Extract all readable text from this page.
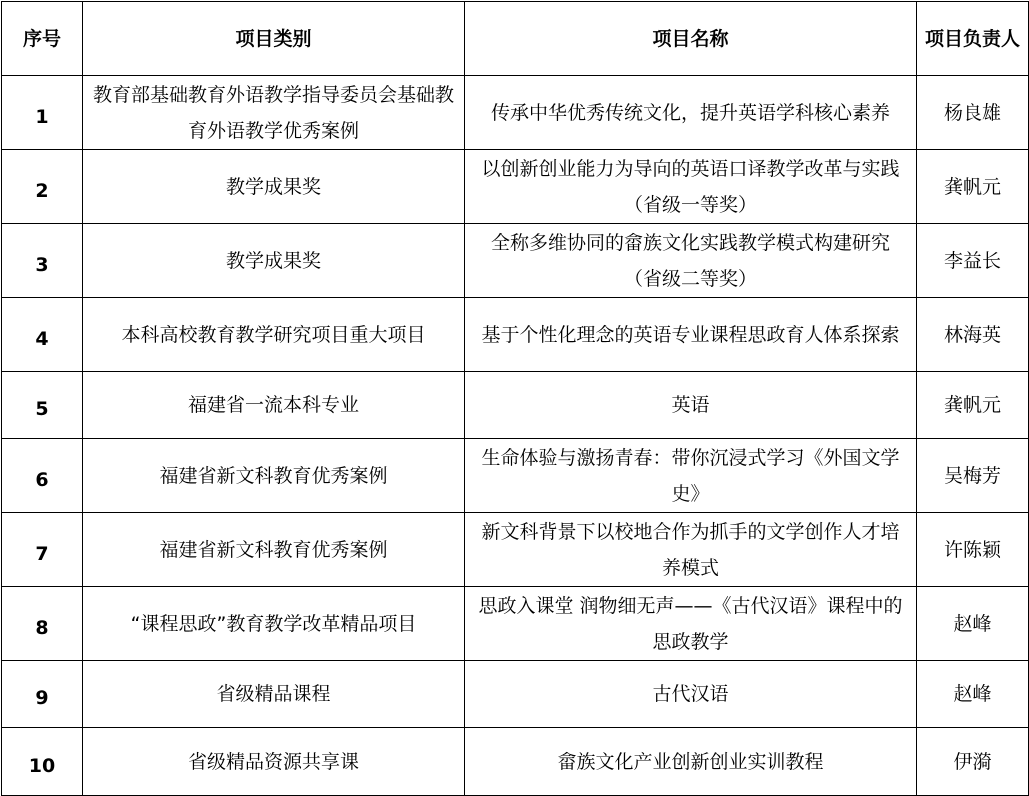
序号	项目类别	项目名称	项目负责人
1	教育部基础教育外语教学指导委员会基础教育外语教学优秀案例	传承中华优秀传统文化，提升英语学科核心素养	杨良雄
2	教学成果奖	以创新创业能力为导向的英语口译教学改革与实践（省级一等奖）	龚帆元
3	教学成果奖	全称多维协同的畲族文化实践教学模式构建研究（省级二等奖）	李益长
4	本科高校教育教学研究项目重大项目	基于个性化理念的英语专业课程思政育人体系探索	林海英
5	福建省一流本科专业	英语	龚帆元
6	福建省新文科教育优秀案例	生命体验与激扬青春：带你沉浸式学习《外国文学史》	吴梅芳
7	福建省新文科教育优秀案例	新文科背景下以校地合作为抓手的文学创作人才培养模式	许陈颖
8	“课程思政”教育教学改革精品项目	思政入课堂 润物细无声——《古代汉语》课程中的思政教学	赵峰
9	省级精品课程	古代汉语	赵峰
10	省级精品资源共享课	畲族文化产业创新创业实训教程	伊漪
